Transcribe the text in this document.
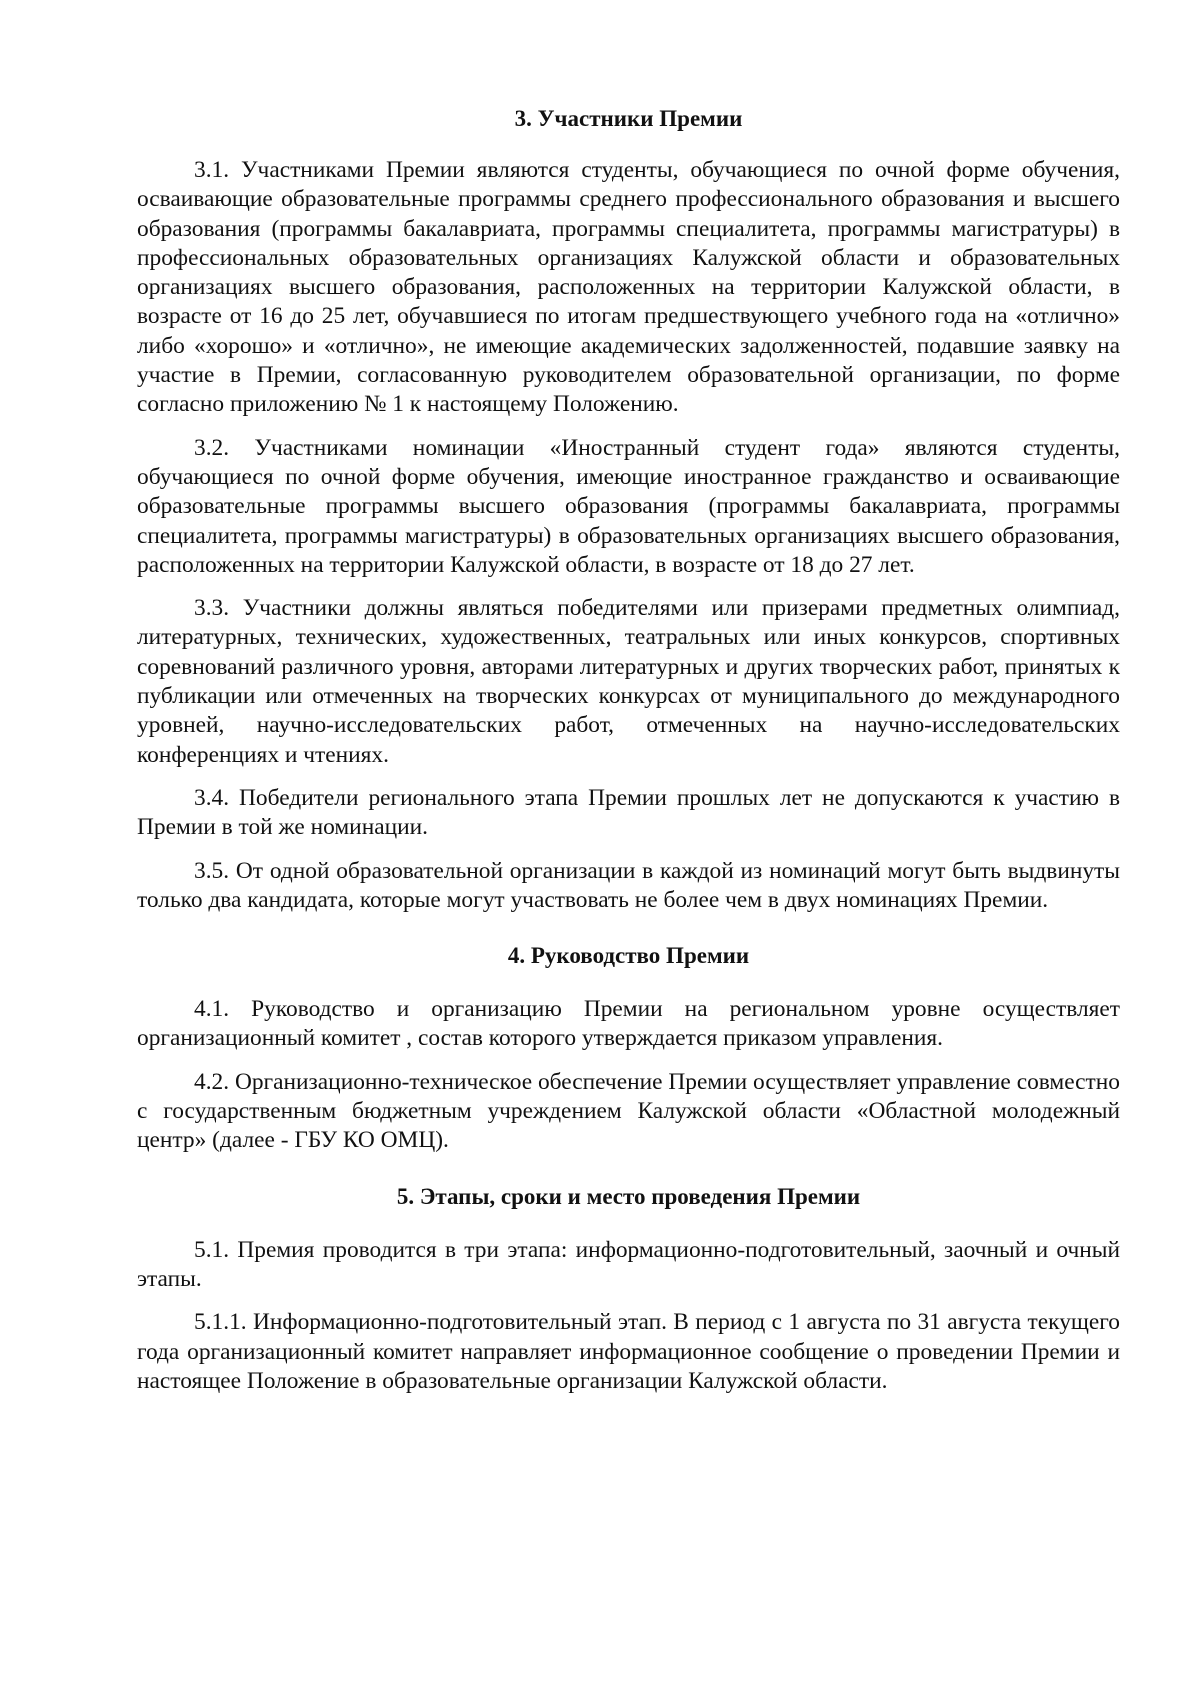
3. Участники Премии

3.1. Участниками Премии являются студенты, обучающиеся по очной форме обучения, осваивающие образовательные программы среднего профессионального образования и высшего образования (программы бакалавриата, программы специалитета, программы магистратуры) в профессиональных образовательных организациях Калужской области и образовательных организациях высшего образования, расположенных на территории Калужской области, в возрасте от 16 до 25 лет, обучавшиеся по итогам предшествующего учебного года на «отлично» либо «хорошо» и «отлично», не имеющие академических задолженностей, подавшие заявку на участие в Премии, согласованную руководителем образовательной организации, по форме согласно приложению № 1 к настоящему Положению.

3.2. Участниками номинации «Иностранный студент года» являются студенты, обучающиеся по очной форме обучения, имеющие иностранное гражданство и осваивающие образовательные программы высшего образования (программы бакалавриата, программы специалитета, программы магистратуры) в образовательных организациях высшего образования, расположенных на территории Калужской области, в возрасте от 18 до 27 лет.

3.3. Участники должны являться победителями или призерами предметных олимпиад, литературных, технических, художественных, театральных или иных конкурсов, спортивных соревнований различного уровня, авторами литературных и других творческих работ, принятых к публикации или отмеченных на творческих конкурсах от муниципального до международного уровней, научно-исследовательских работ, отмеченных на научно-исследовательских конференциях и чтениях.

3.4. Победители регионального этапа Премии прошлых лет не допускаются к участию в Премии в той же номинации.

3.5. От одной образовательной организации в каждой из номинаций могут быть выдвинуты только два кандидата, которые могут участвовать не более чем в двух номинациях Премии.

4. Руководство Премии

4.1. Руководство и организацию Премии на региональном уровне осуществляет организационный комитет , состав которого утверждается приказом управления.

4.2. Организационно-техническое обеспечение Премии осуществляет управление совместно с государственным бюджетным учреждением Калужской области «Областной молодежный центр» (далее - ГБУ КО ОМЦ).

5. Этапы, сроки и место проведения Премии

5.1. Премия проводится в три этапа: информационно-подготовительный, заочный и очный этапы.

5.1.1. Информационно-подготовительный этап. В период с 1 августа по 31 августа текущего года организационный комитет направляет информационное сообщение о проведении Премии и настоящее Положение в образовательные организации Калужской области.
